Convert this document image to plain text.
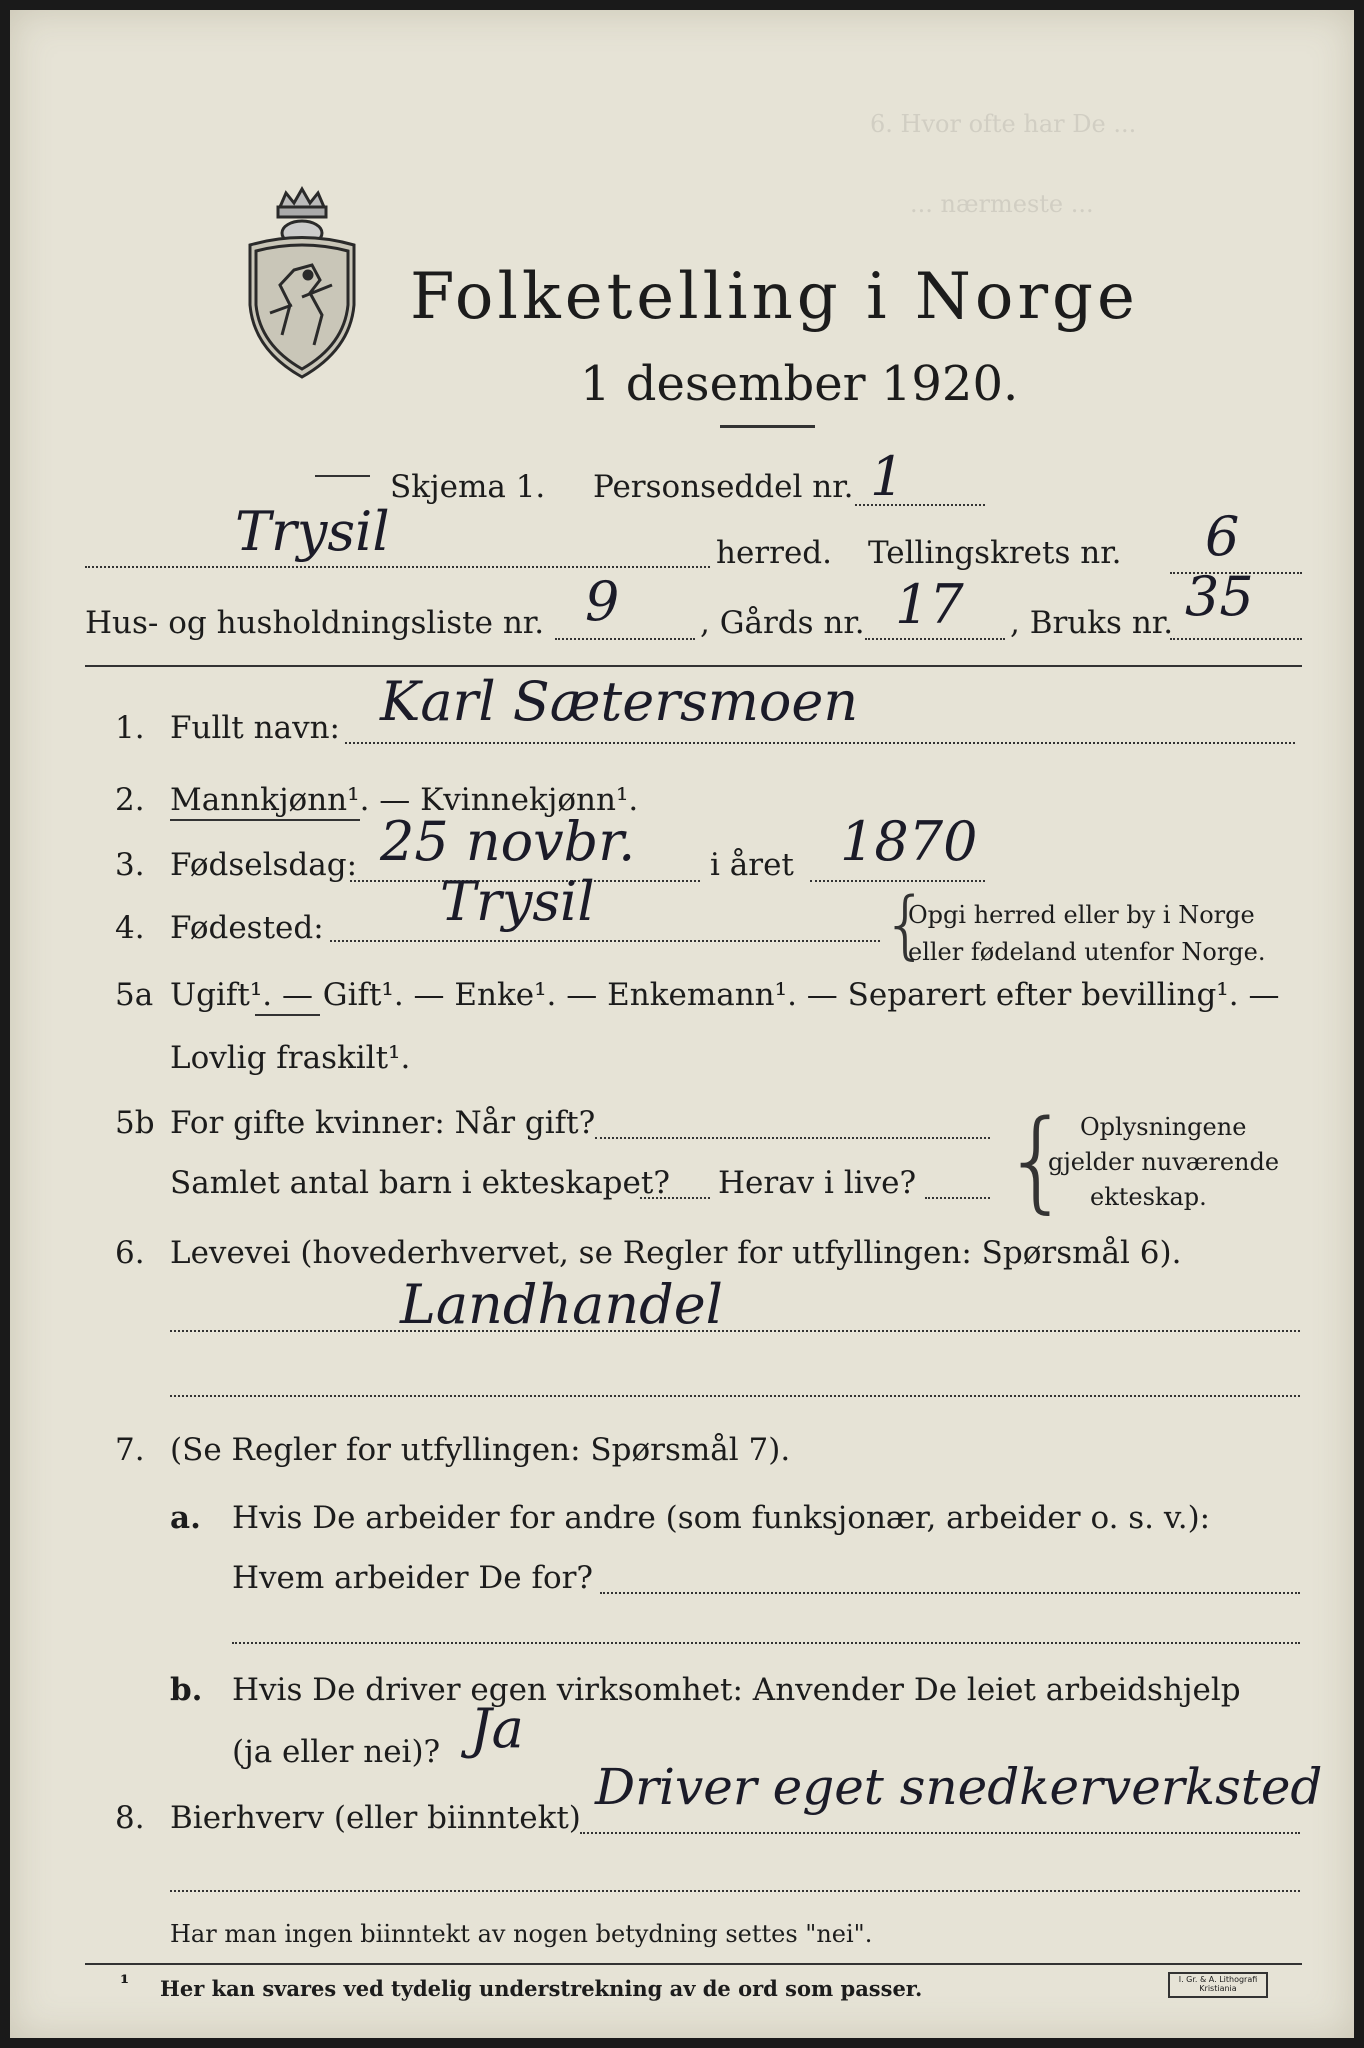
6. Hvor ofte har De ...
... nærmeste ...
Folketelling i Norge
1 desember 1920.
Skjema 1. Personseddel nr. 1
Trysil	herred. Tellingskrets nr. 6
Hus- og husholdningsliste nr. 9	, Gårds nr. 17 , Bruks nr. 35
1. Fullt navn: Karl Sætersmoen
2. Mannkjønn¹. — Kvinnekjønn¹.
3. Fødselsdag: 25 novbr. i året 1870
4. Fødested: Trysil	{
Opgi herred eller by i Norge
eller fødeland utenfor Norge.
5a Ugift¹. — Gift¹. — Enke¹. — Enkemann¹. — Separert efter bevilling¹. —
Lovlig fraskilt¹.
5b For gifte kvinner: Når gift?
Samlet antal barn i ekteskapet? Herav i live? { Oplysningene
gjelder nuværende
ekteskap.
6. Levevei (hovederhvervet, se Regler for utfyllingen: Spørsmål 6).
Landhandel
7. (Se Regler for utfyllingen: Spørsmål 7).
a. Hvis De arbeider for andre (som funksjonær, arbeider o. s. v.):
Hvem arbeider De for?
b. Hvis De driver egen virksomhet: Anvender De leiet arbeidshjelp
(ja eller nei)? Ja
8. Bierhverv (eller biinntekt)
Driver eget snedkerverksted
Har man ingen biinntekt av nogen betydning settes "nei".
¹ Her kan svares ved tydelig understrekning av de ord som passer.	I. Gr. & A. Lithografi Kristiania
